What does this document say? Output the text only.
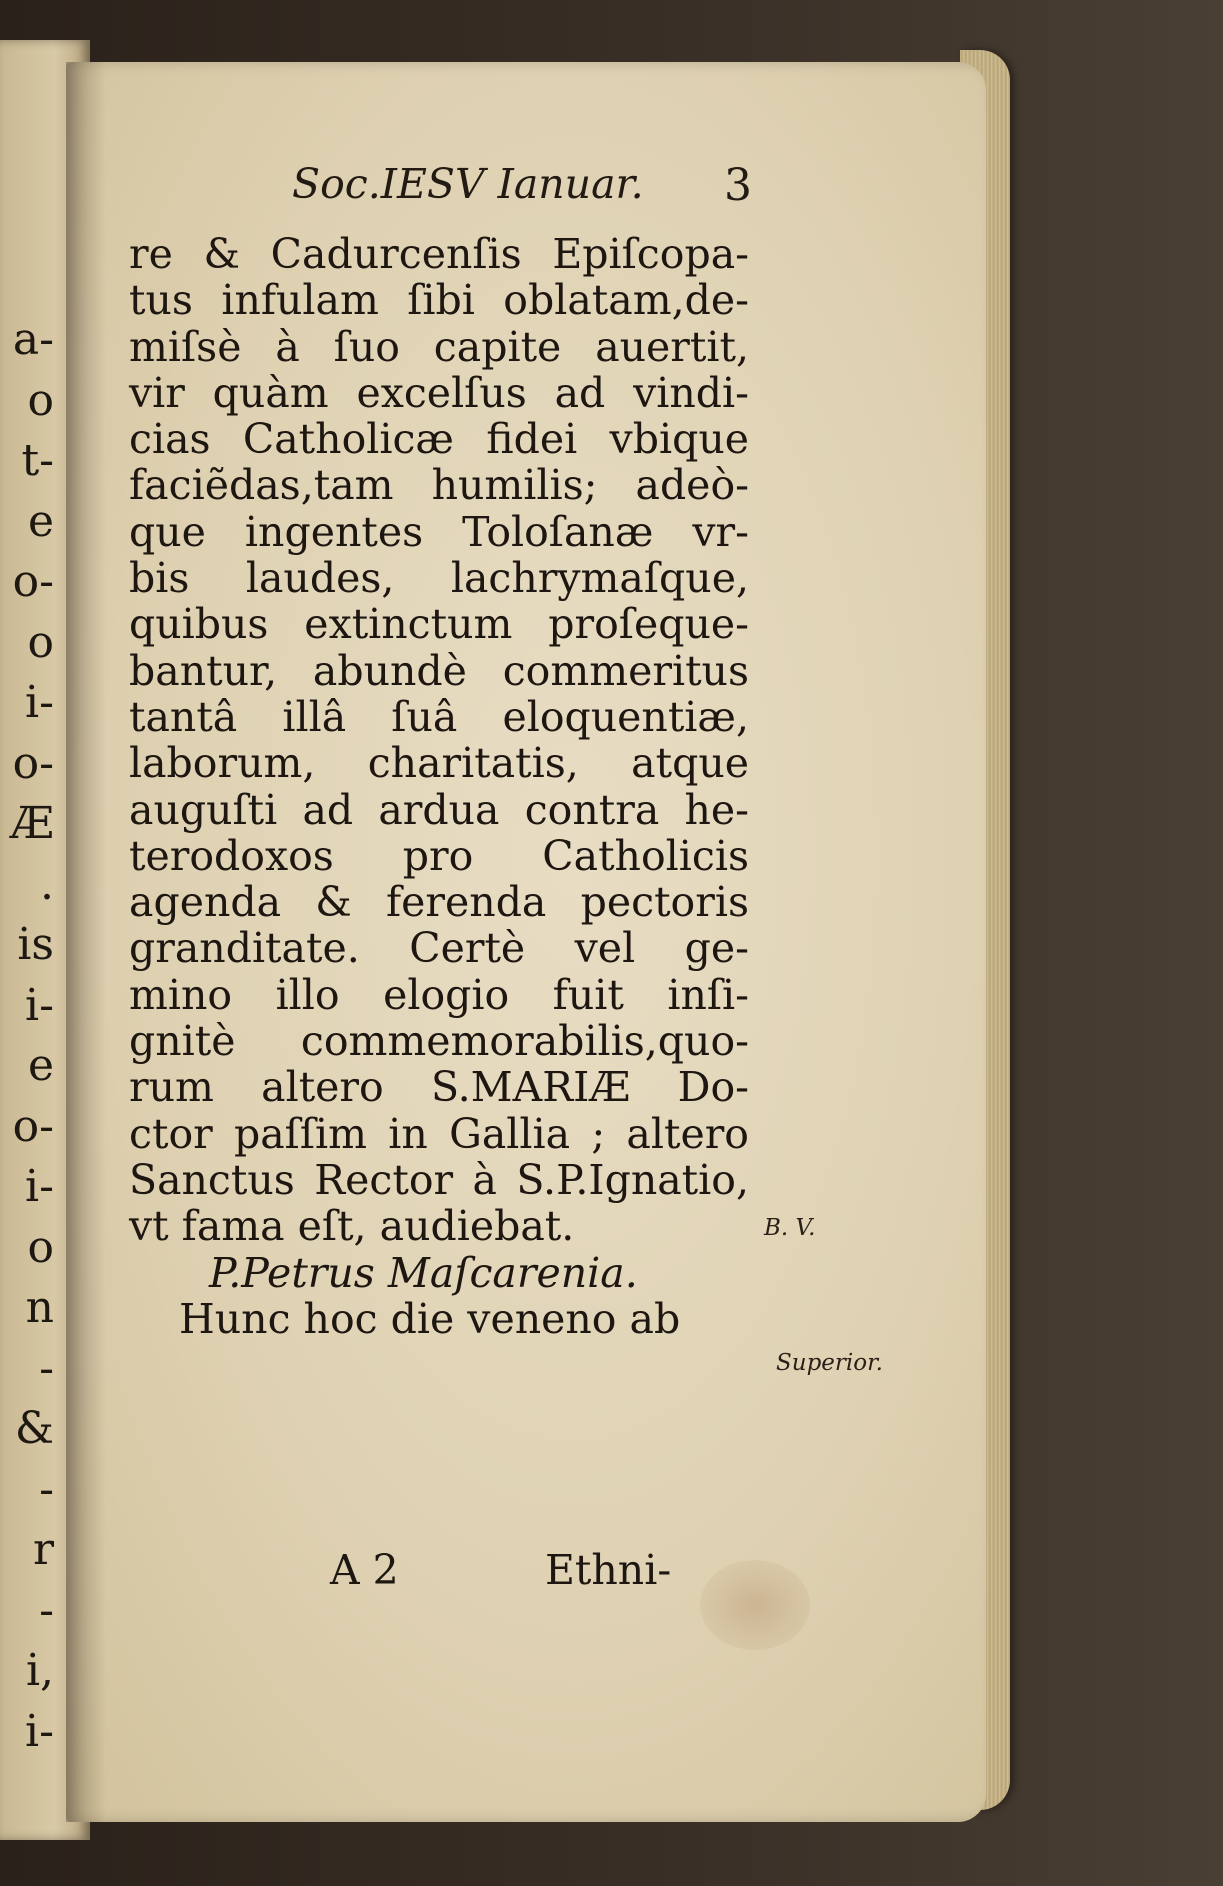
a-
o
t-
e
o-
o
i-
o-
Æ
.
is
i-
e
o-
i-
o
n
-
&
-
r
-
i,
i-
Soc.IESV Ianuar. 3
re & Cadurcenſis Epiſcopa-
tus infulam ſibi oblatam,de-
miſsè à ſuo capite auertit,
vir quàm excelſus ad vindi-
cias Catholicæ fidei vbique
faciẽdas,tam humilis; adeò-
que ingentes Toloſanæ vr-
bis laudes, lachrymaſque,
quibus extinctum proſeque-
bantur, abundè commeritus
tantâ illâ ſuâ eloquentiæ,
laborum, charitatis, atque
auguſti ad ardua contra he-
terodoxos pro Catholicis
agenda & ferenda pectoris
granditate. Certè vel ge-
mino illo elogio fuit inſi-
gnitè commemorabilis,quo-
rum altero S.MARIÆ Do-
ctor paſſim in Gallia ; altero
Sanctus Rector à S.P.Ignatio,
vt fama eſt, audiebat.
P.Petrus Maſcarenia.
Hunc hoc die veneno ab
B. V.
Superior.
A 2	Ethni-
